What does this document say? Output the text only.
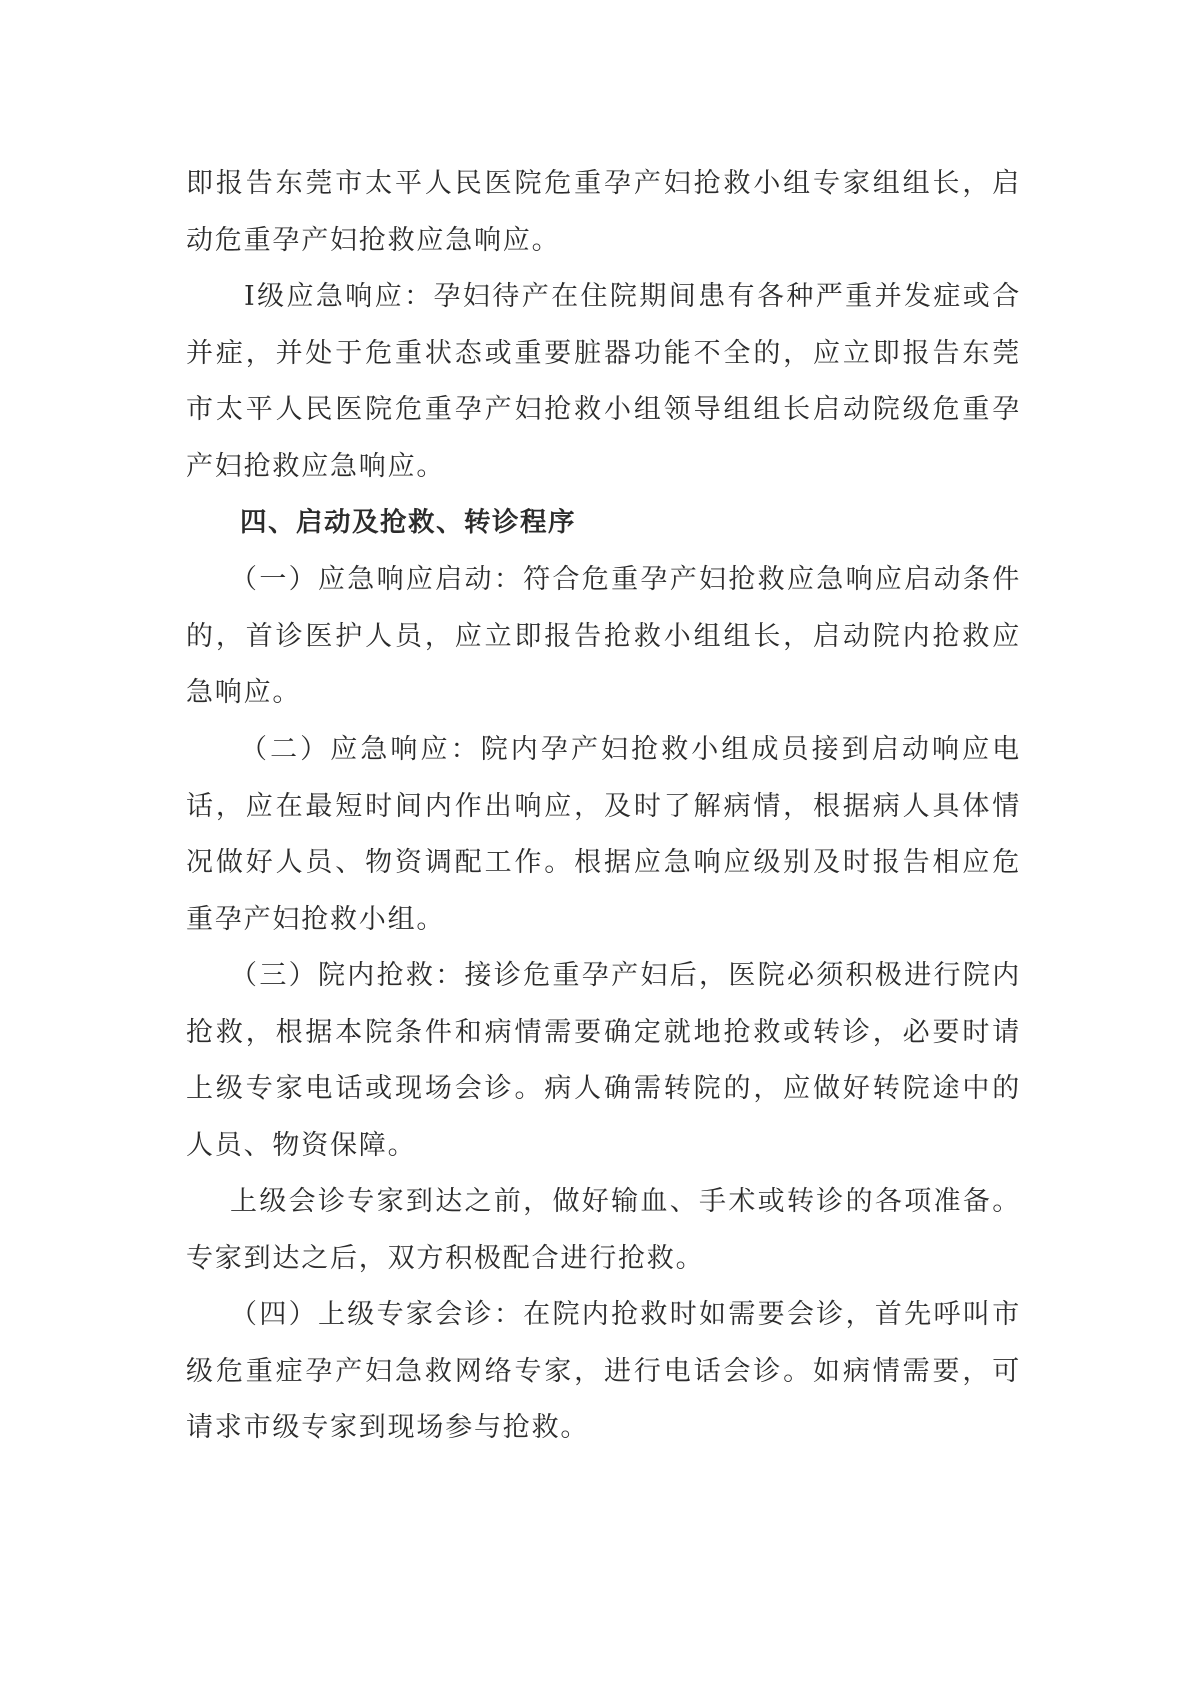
即报告东莞市太平人民医院危重孕产妇抢救小组专家组组长，启动危重孕产妇抢救应急响应。

Ⅰ级应急响应：孕妇待产在住院期间患有各种严重并发症或合并症，并处于危重状态或重要脏器功能不全的，应立即报告东莞市太平人民医院危重孕产妇抢救小组领导组组长启动院级危重孕产妇抢救应急响应。

四、启动及抢救、转诊程序

（一）应急响应启动：符合危重孕产妇抢救应急响应启动条件的，首诊医护人员，应立即报告抢救小组组长，启动院内抢救应急响应。

（二）应急响应：院内孕产妇抢救小组成员接到启动响应电话，应在最短时间内作出响应，及时了解病情，根据病人具体情况做好人员、物资调配工作。根据应急响应级别及时报告相应危重孕产妇抢救小组。

（三）院内抢救：接诊危重孕产妇后，医院必须积极进行院内抢救，根据本院条件和病情需要确定就地抢救或转诊，必要时请上级专家电话或现场会诊。病人确需转院的，应做好转院途中的人员、物资保障。

上级会诊专家到达之前，做好输血、手术或转诊的各项准备。专家到达之后，双方积极配合进行抢救。

（四）上级专家会诊：在院内抢救时如需要会诊，首先呼叫市级危重症孕产妇急救网络专家，进行电话会诊。如病情需要，可请求市级专家到现场参与抢救。
